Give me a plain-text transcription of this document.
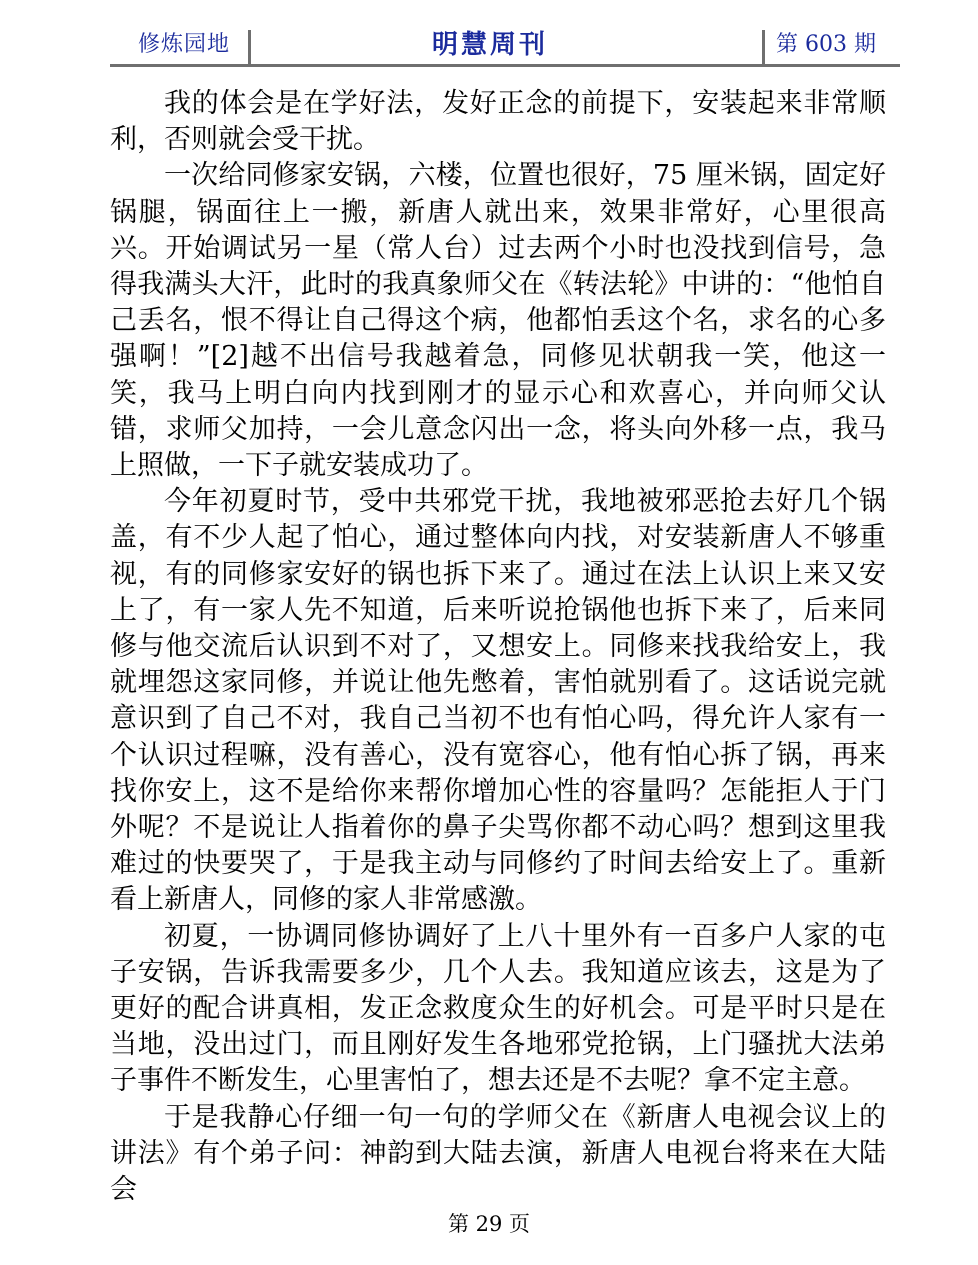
修炼园地	明慧周刊	第 603 期

我的体会是在学好法，发好正念的前提下，安装起来非常顺利，否则就会受干扰。

一次给同修家安锅，六楼，位置也很好，75 厘米锅，固定好锅腿，锅面往上一搬，新唐人就出来，效果非常好，心里很高兴。开始调试另一星（常人台）过去两个小时也没找到信号，急得我满头大汗，此时的我真象师父在《转法轮》中讲的：“他怕自己丢名，恨不得让自己得这个病，他都怕丢这个名，求名的心多强啊！”[2]越不出信号我越着急，同修见状朝我一笑，他这一笑，我马上明白向内找到刚才的显示心和欢喜心，并向师父认错，求师父加持，一会儿意念闪出一念，将头向外移一点，我马上照做，一下子就安装成功了。

今年初夏时节，受中共邪党干扰，我地被邪恶抢去好几个锅盖，有不少人起了怕心，通过整体向内找，对安装新唐人不够重视，有的同修家安好的锅也拆下来了。通过在法上认识上来又安上了，有一家人先不知道，后来听说抢锅他也拆下来了，后来同修与他交流后认识到不对了，又想安上。同修来找我给安上，我就埋怨这家同修，并说让他先憋着，害怕就别看了。这话说完就意识到了自己不对，我自己当初不也有怕心吗，得允许人家有一个认识过程嘛，没有善心，没有宽容心，他有怕心拆了锅，再来找你安上，这不是给你来帮你增加心性的容量吗？怎能拒人于门外呢？不是说让人指着你的鼻子尖骂你都不动心吗？想到这里我难过的快要哭了，于是我主动与同修约了时间去给安上了。重新看上新唐人，同修的家人非常感激。

初夏，一协调同修协调好了上八十里外有一百多户人家的屯子安锅，告诉我需要多少，几个人去。我知道应该去，这是为了更好的配合讲真相，发正念救度众生的好机会。可是平时只是在当地，没出过门，而且刚好发生各地邪党抢锅，上门骚扰大法弟子事件不断发生，心里害怕了，想去还是不去呢？拿不定主意。

于是我静心仔细一句一句的学师父在《新唐人电视会议上的讲法》有个弟子问：神韵到大陆去演，新唐人电视台将来在大陆会

第 29 页
